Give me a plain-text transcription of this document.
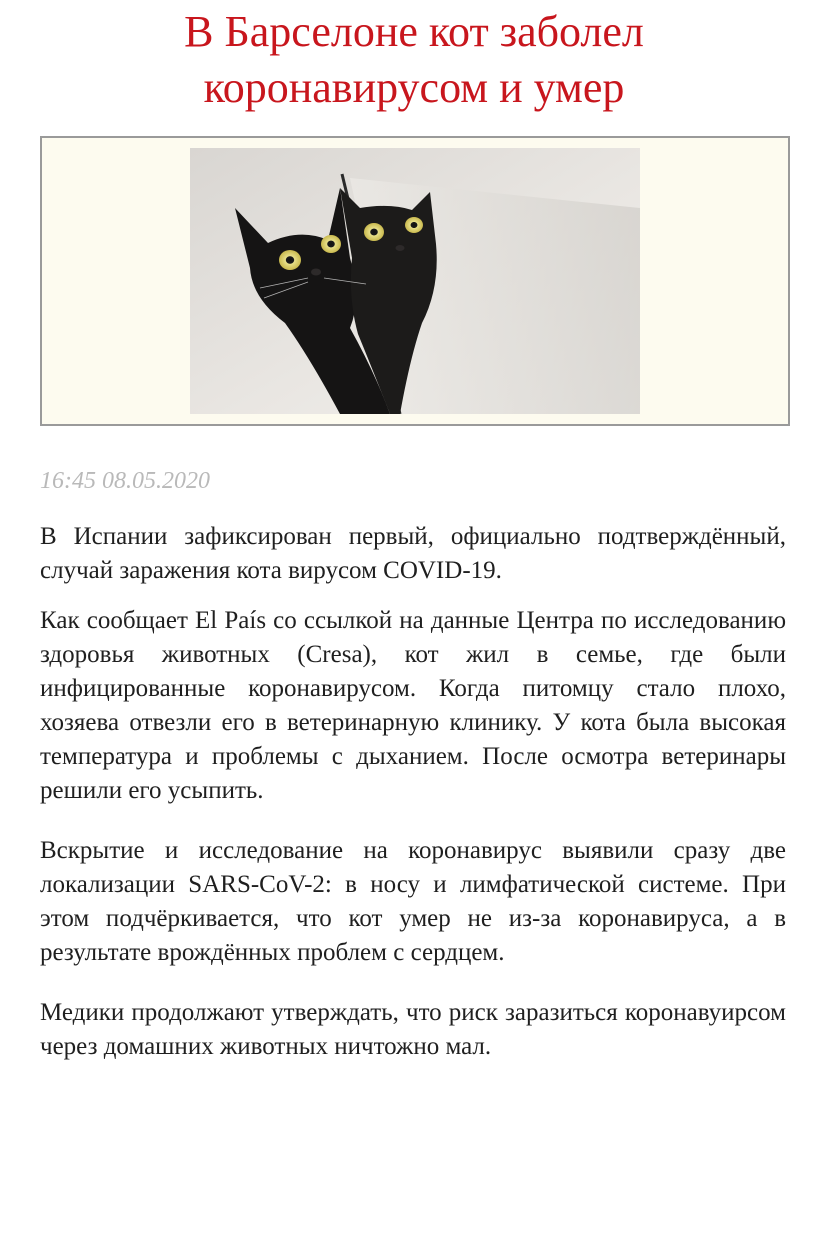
В Барселоне кот заболел коронавирусом и умер
16:45 08.05.2020

В Испании зафиксирован первый, официально подтверждённый, случай заражения кота вирусом COVID-19.

Как сообщает El País со ссылкой на данные Центра по исследованию здоровья животных (Cresa), кот жил в семье, где были инфицированные коронавирусом. Когда питомцу стало плохо, хозяева отвезли его в ветеринарную клинику. У кота была высокая температура и проблемы с дыханием. После осмотра ветеринары решили его усыпить.

Вскрытие и исследование на коронавирус выявили сразу две локализации SARS-CoV-2: в носу и лимфатической системе. При этом подчёркивается, что кот умер не из-за коронавируса, а в результате врождённых проблем с сердцем.

Медики продолжают утверждать, что риск заразиться коронавуирсом через домашних животных ничтожно мал.
